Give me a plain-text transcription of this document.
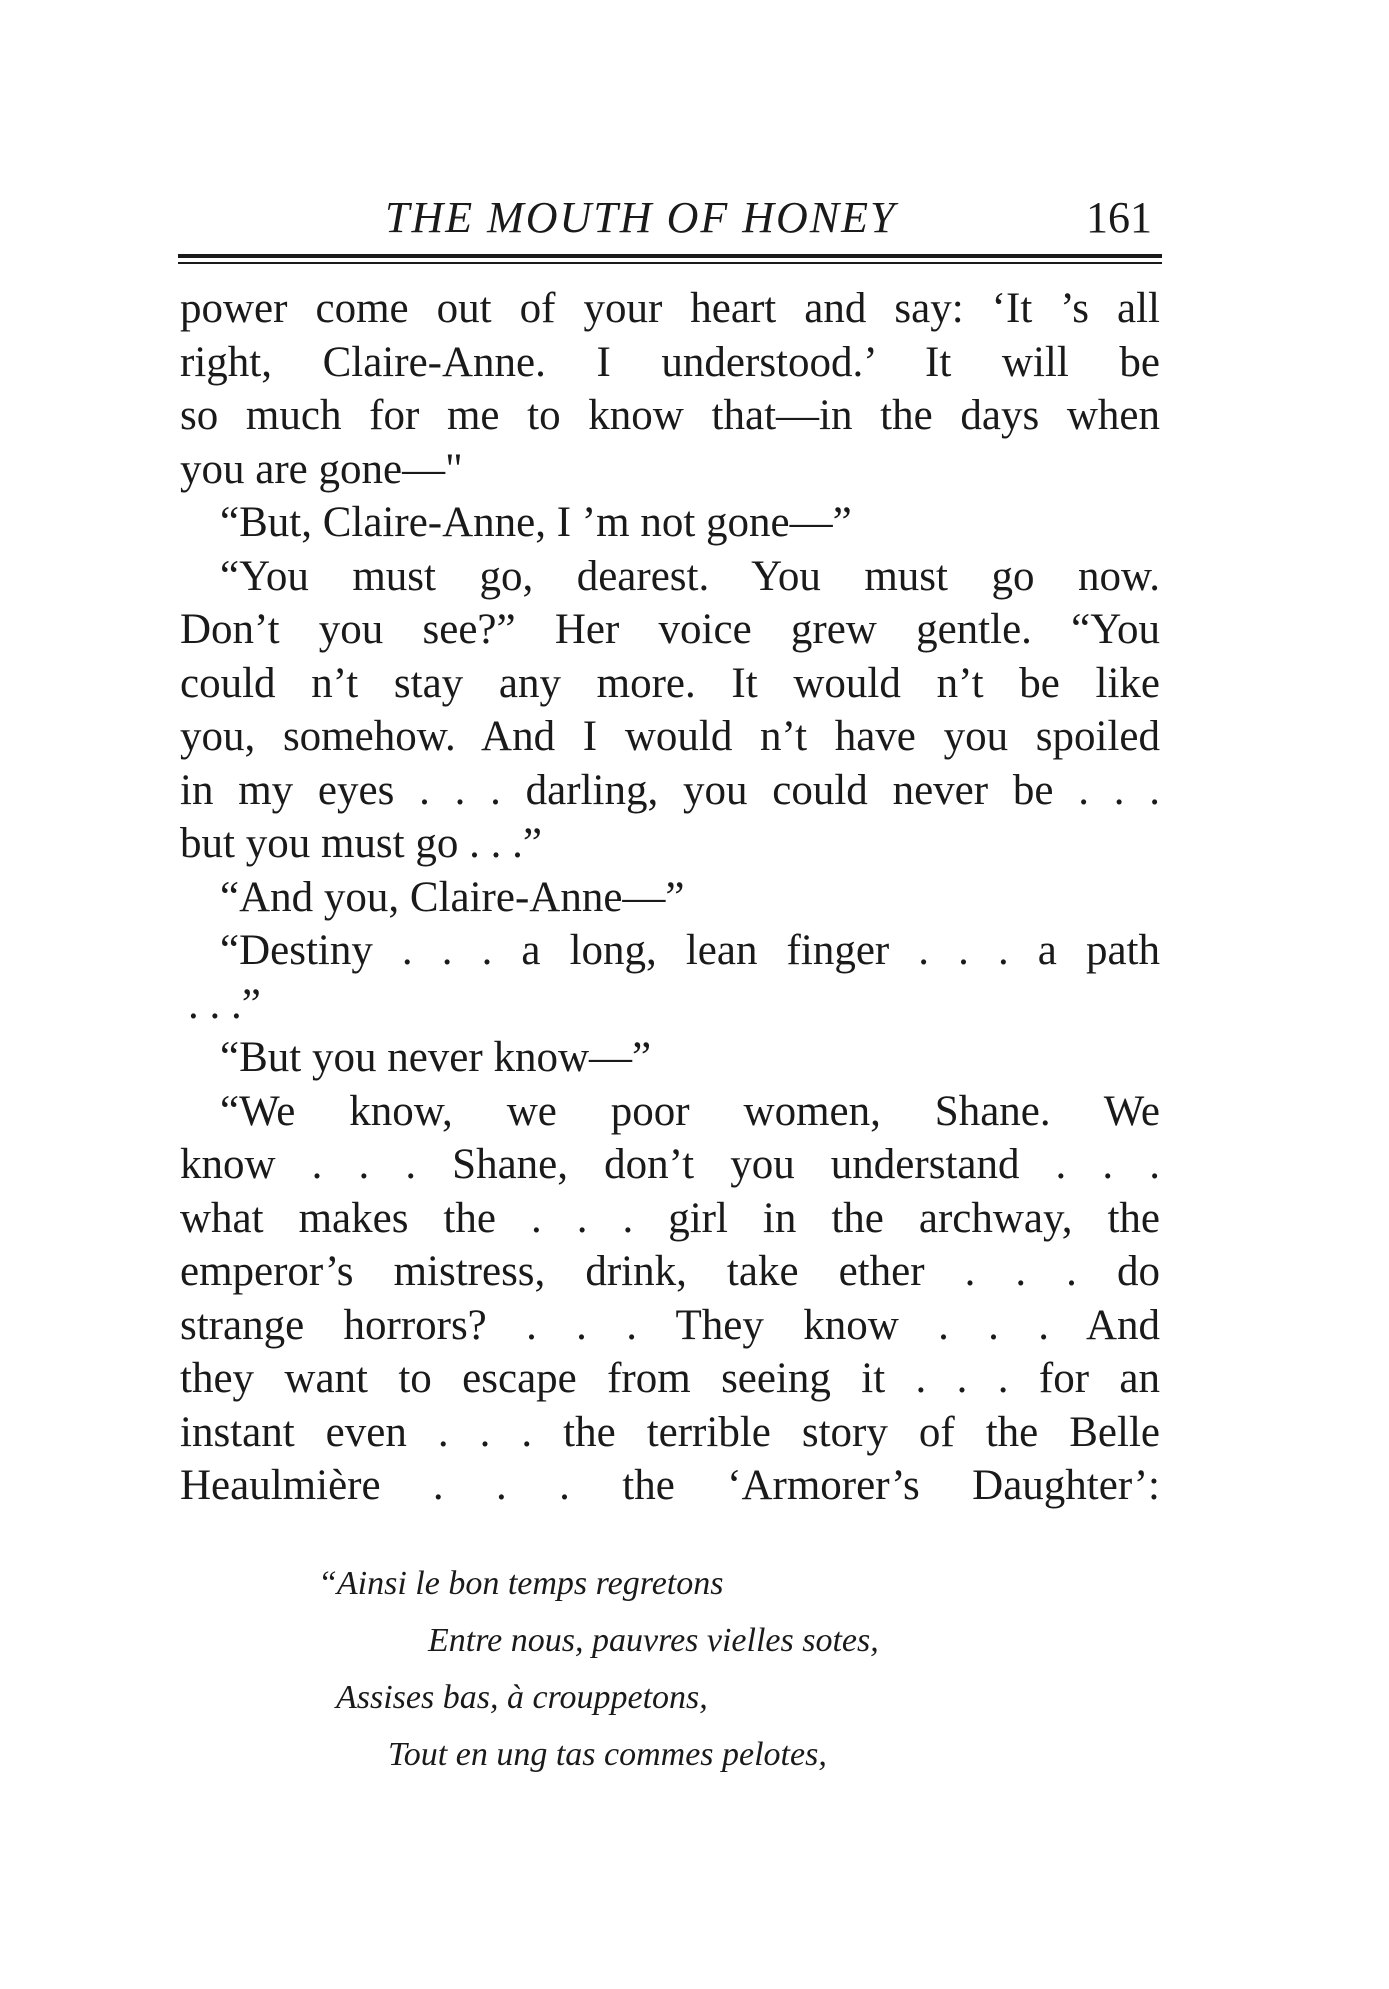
THE MOUTH OF HONEY	161
power come out of your heart and say: ‘It ’s all
right, Claire-Anne. I understood.’ It will be
so much for me to know that—in the days when
you are gone—"
“But, Claire-Anne, I ’m not gone—”
“You must go, dearest. You must go now.
Don’t you see?” Her voice grew gentle. “You
could n’t stay any more. It would n’t be like
you, somehow. And I would n’t have you spoiled
in my eyes . . . darling, you could never be . . .
but you must go . . .”
“And you, Claire-Anne—”
“Destiny . . . a long, lean finger . . . a path
. . .”
“But you never know—”
“We know, we poor women, Shane. We
know . . . Shane, don’t you understand . . .
what makes the . . . girl in the archway, the
emperor’s mistress, drink, take ether . . . do
strange horrors? . . . They know . . . And
they want to escape from seeing it . . . for an
instant even . . . the terrible story of the Belle
Heaulmière . . . the ‘Armorer’s Daughter’:
“Ainsi le bon temps regretons
Entre nous, pauvres vielles sotes,
Assises bas, à crouppetons,
Tout en ung tas commes pelotes,
